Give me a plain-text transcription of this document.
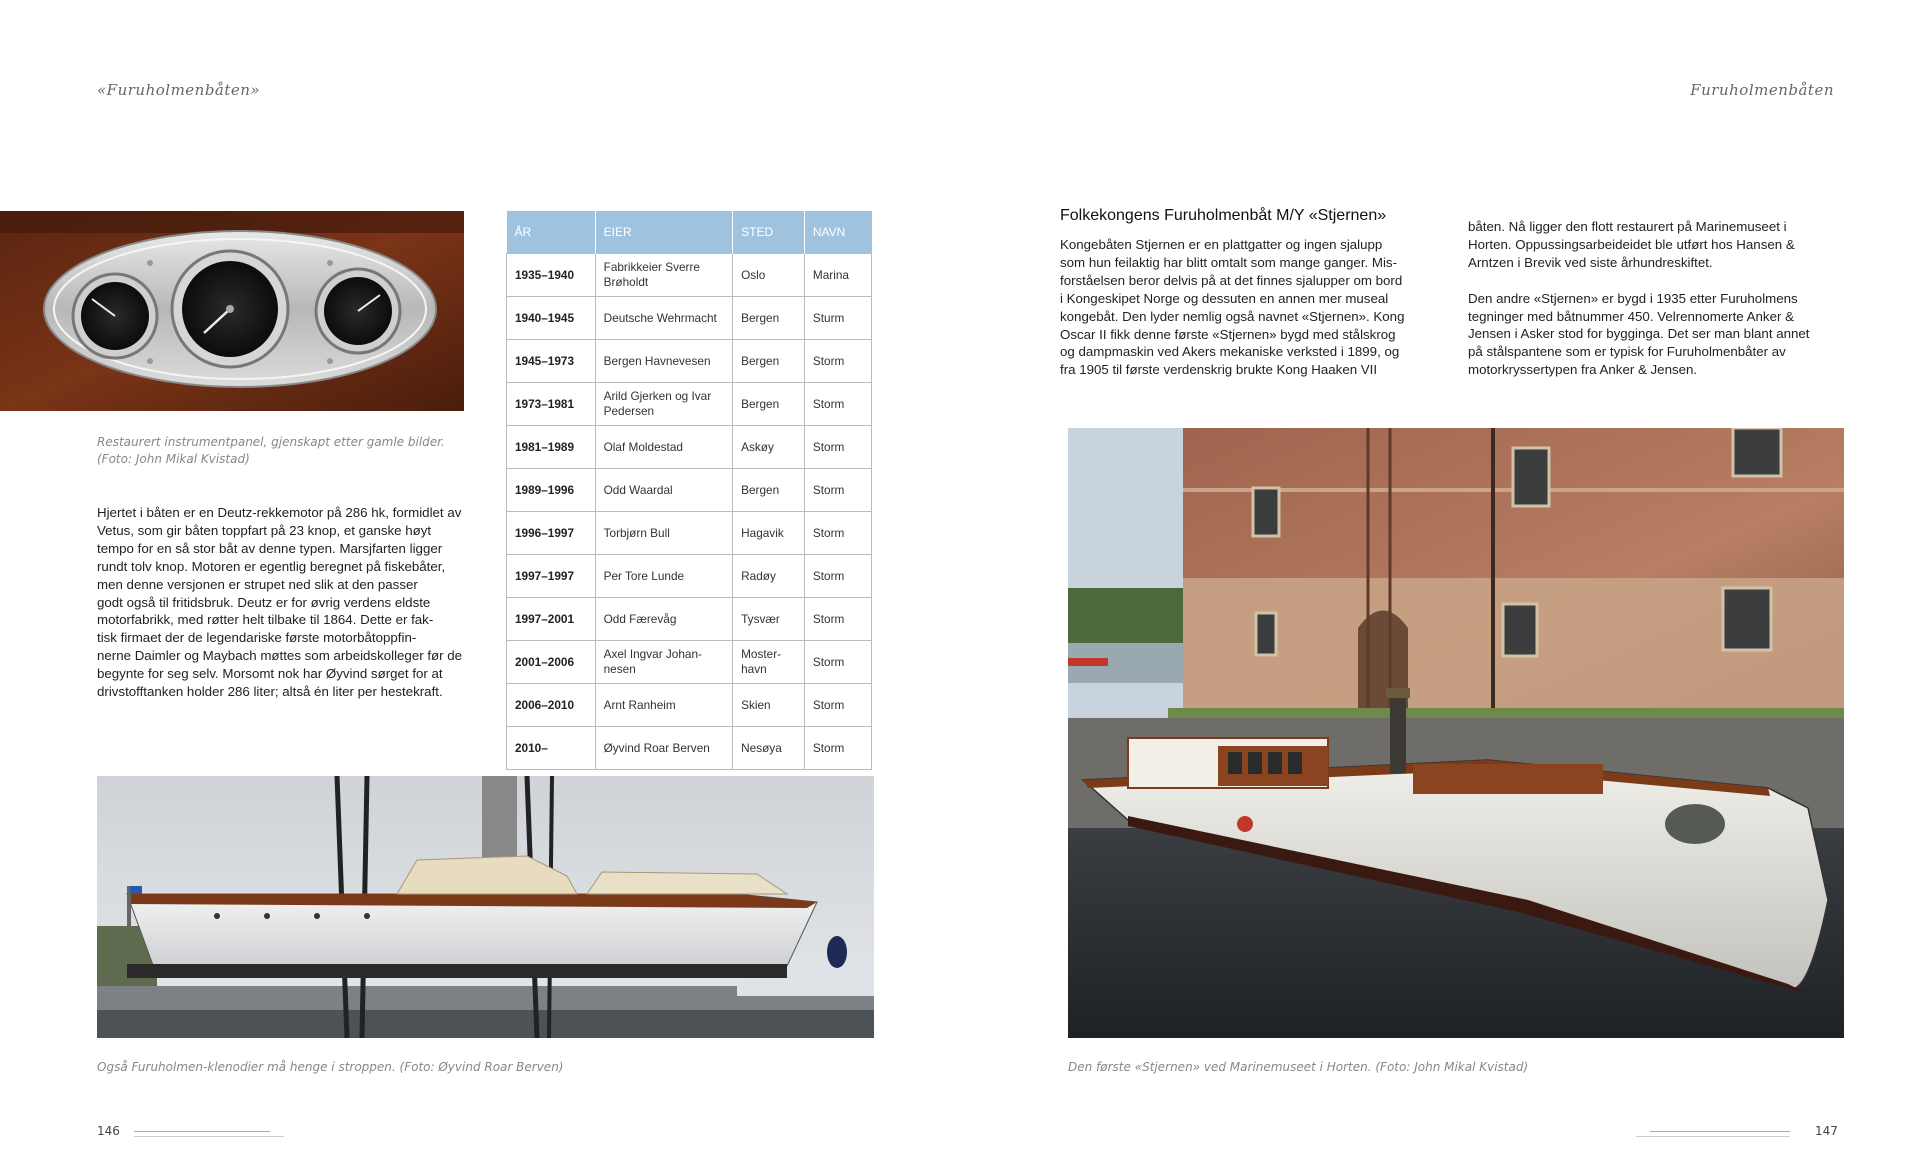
«Furuholmenbåten»
Restaurert instrumentpanel, gjenskapt etter gamle bilder. (Foto: John Mikal Kvistad)

Hjertet i båten er en Deutz-rekkemotor på 286 hk, formidlet av

Vetus, som gir båten toppfart på 23 knop, et ganske høyt

tempo for en så stor båt av denne typen. Marsjfarten ligger

rundt tolv knop. Motoren er egentlig beregnet på fiskebåter,

men denne versjonen er strupet ned slik at den passer

godt også til fritidsbruk. Deutz er for øvrig verdens eldste

motorfabrikk, med røtter helt tilbake til 1864. Dette er fak-

tisk firmaet der de legendariske første motorbåtoppfin-

nerne Daimler og Maybach møttes som arbeidskolleger før de

begynte for seg selv. Morsomt nok har Øyvind sørget for at

drivstofftanken holder 286 liter; altså én liter per hestekraft.

ÅR	EIER	STED	NAVN
1935–1940	Fabrikkeier Sverre Brøholdt	Oslo	Marina
1940–1945	Deutsche Wehrmacht	Bergen	Sturm
1945–1973	Bergen Havnevesen	Bergen	Storm
1973–1981	Arild Gjerken og Ivar Pedersen	Bergen	Storm
1981–1989	Olaf Moldestad	Askøy	Storm
1989–1996	Odd Waardal	Bergen	Storm
1996–1997	Torbjørn Bull	Hagavik	Storm
1997–1997	Per Tore Lunde	Radøy	Storm
1997–2001	Odd Færevåg	Tysvær	Storm
2001–2006	Axel Ingvar Johan- nesen	Moster- havn	Storm
2006–2010	Arnt Ranheim	Skien	Storm
2010–	Øyvind Roar Berven	Nesøya	Storm
Også Furuholmen-klenodier må henge i stroppen. (Foto: Øyvind Roar Berven)
146
Furuholmenbåten
Folkekongens Furuholmenbåt M/Y «Stjernen»

Kongebåten Stjernen er en plattgatter og ingen sjalupp

som hun feilaktig har blitt omtalt som mange ganger. Mis-

forståelsen beror delvis på at det finnes sjalupper om bord

i Kongeskipet Norge og dessuten en annen mer museal

kongebåt. Den lyder nemlig også navnet «Stjernen». Kong

Oscar II fikk denne første «Stjernen» bygd med stålskrog

og dampmaskin ved Akers mekaniske verksted i 1899, og

fra 1905 til første verdenskrig brukte Kong Haaken VII

båten. Nå ligger den flott restaurert på Marinemuseet i

Horten. Oppussingsarbeideidet ble utført hos Hansen &

Arntzen i Brevik ved siste århundreskiftet.

Den andre «Stjernen» er bygd i 1935 etter Furuholmens

tegninger med båtnummer 450. Velrennomerte Anker &

Jensen i Asker stod for bygginga. Det ser man blant annet

på stålspantene som er typisk for Furuholmenbåter av

motorkryssertypen fra Anker & Jensen.

Den første «Stjernen» ved Marinemuseet i Horten. (Foto: John Mikal Kvistad)
147
